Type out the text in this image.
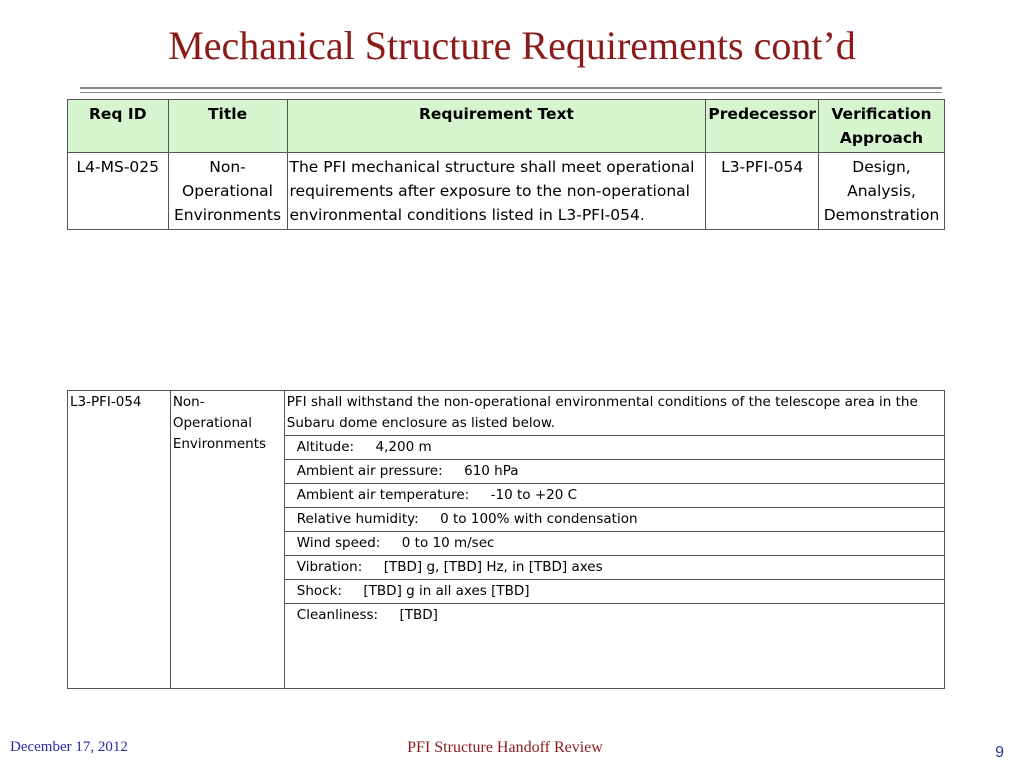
Mechanical Structure Requirements cont’d
Req ID	Title	Requirement Text	Predecessor	Verification Approach
L4-MS-025	Non-Operational Environments	The PFI mechanical structure shall meet operational requirements after exposure to the non-operational environmental conditions listed in L3-PFI-054.	L3-PFI-054	Design, Analysis, Demonstration
L3-PFI-054	Non-Operational Environments	PFI shall withstand the non-operational environmental conditions of the telescope area in the Subaru dome enclosure as listed below.
Altitude:     4,200 m
Ambient air pressure:     610 hPa
Ambient air temperature:     -10 to +20 C
Relative humidity:     0 to 100% with condensation
Wind speed:     0 to 10 m/sec
Vibration:     [TBD] g, [TBD] Hz, in [TBD] axes
Shock:     [TBD] g in all axes [TBD]
Cleanliness:     [TBD]
December 17, 2012	PFI Structure Handoff Review	9
